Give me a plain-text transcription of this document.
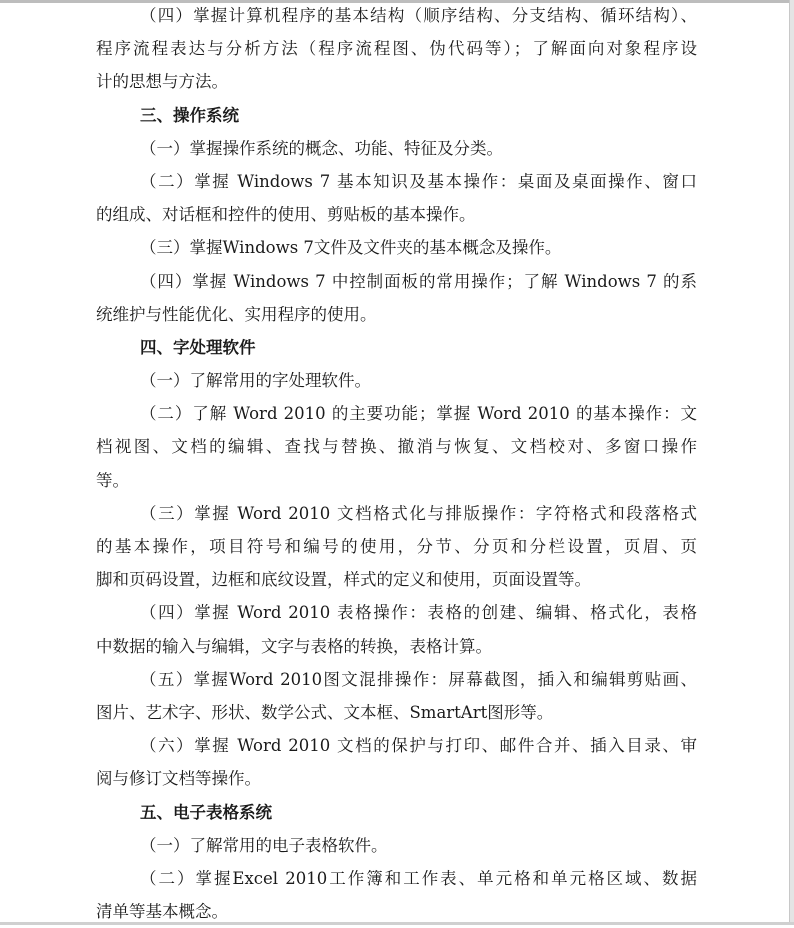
（四）掌握计算机程序的基本结构（顺序结构、分支结构、循环结构）、
程序流程表达与分析方法（程序流程图、伪代码等）；了解面向对象程序设
计的思想与方法。
三、操作系统
（一）掌握操作系统的概念、功能、特征及分类。
（二）掌握 Windows 7 基本知识及基本操作：桌面及桌面操作、窗口
的组成、对话框和控件的使用、剪贴板的基本操作。
（三）掌握Windows 7文件及文件夹的基本概念及操作。
（四）掌握 Windows 7 中控制面板的常用操作；了解 Windows 7 的系
统维护与性能优化、实用程序的使用。
四、字处理软件
（一）了解常用的字处理软件。
（二）了解 Word 2010 的主要功能；掌握 Word 2010 的基本操作：文
档视图、文档的编辑、查找与替换、撤消与恢复、文档校对、多窗口操作
等。
（三）掌握 Word 2010 文档格式化与排版操作：字符格式和段落格式
的基本操作，项目符号和编号的使用，分节、分页和分栏设置，页眉、页
脚和页码设置，边框和底纹设置，样式的定义和使用，页面设置等。
（四）掌握 Word 2010 表格操作：表格的创建、编辑、格式化，表格
中数据的输入与编辑，文字与表格的转换，表格计算。
（五）掌握Word 2010图文混排操作：屏幕截图，插入和编辑剪贴画、
图片、艺术字、形状、数学公式、文本框、SmartArt图形等。
（六）掌握 Word 2010 文档的保护与打印、邮件合并、插入目录、审
阅与修订文档等操作。
五、电子表格系统
（一）了解常用的电子表格软件。
（二）掌握Excel 2010工作簿和工作表、单元格和单元格区域、数据
清单等基本概念。
